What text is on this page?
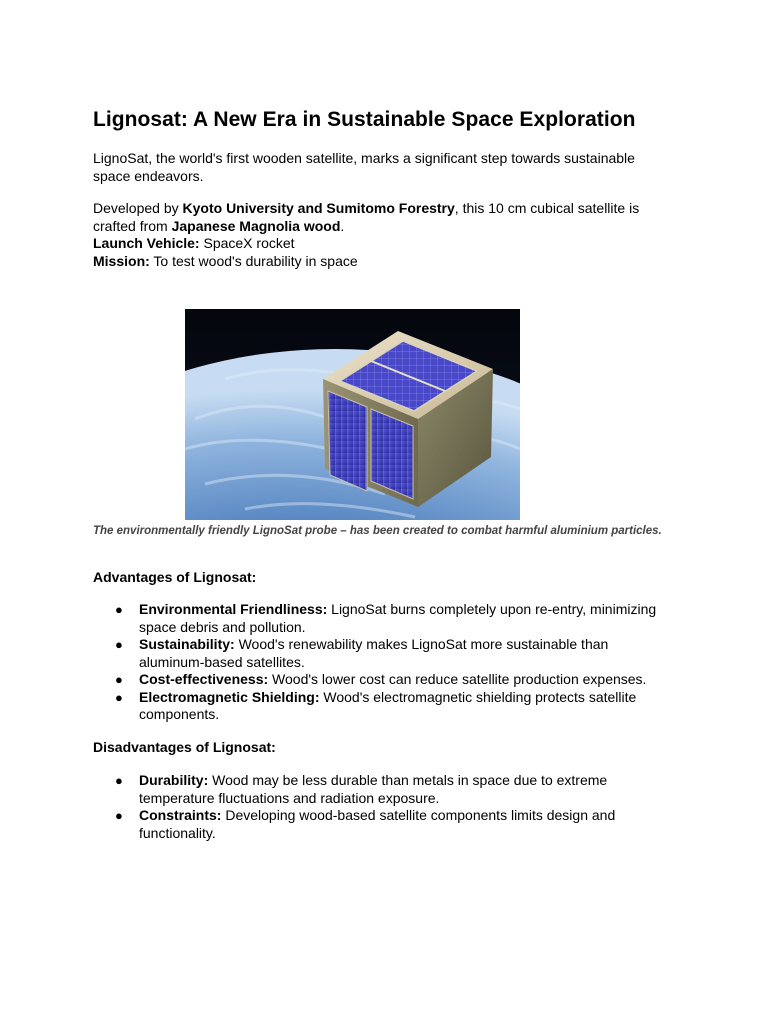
Lignosat: A New Era in Sustainable Space Exploration

LignoSat, the world's first wooden satellite, marks a significant step towards sustainable space endeavors.

Developed by Kyoto University and Sumitomo Forestry, this 10 cm cubical satellite is crafted from Japanese Magnolia wood.
Launch Vehicle: SpaceX rocket
Mission: To test wood's durability in space

The environmentally friendly LignoSat probe – has been created to combat harmful aluminium particles.

Advantages of Lignosat:

● Environmental Friendliness: LignoSat burns completely upon re-entry, minimizing space debris and pollution.
● Sustainability: Wood's renewability makes LignoSat more sustainable than aluminum-based satellites.
● Cost-effectiveness: Wood's lower cost can reduce satellite production expenses.
● Electromagnetic Shielding: Wood's electromagnetic shielding protects satellite components.

Disadvantages of Lignosat:

● Durability: Wood may be less durable than metals in space due to extreme temperature fluctuations and radiation exposure.
● Constraints: Developing wood-based satellite components limits design and functionality.
